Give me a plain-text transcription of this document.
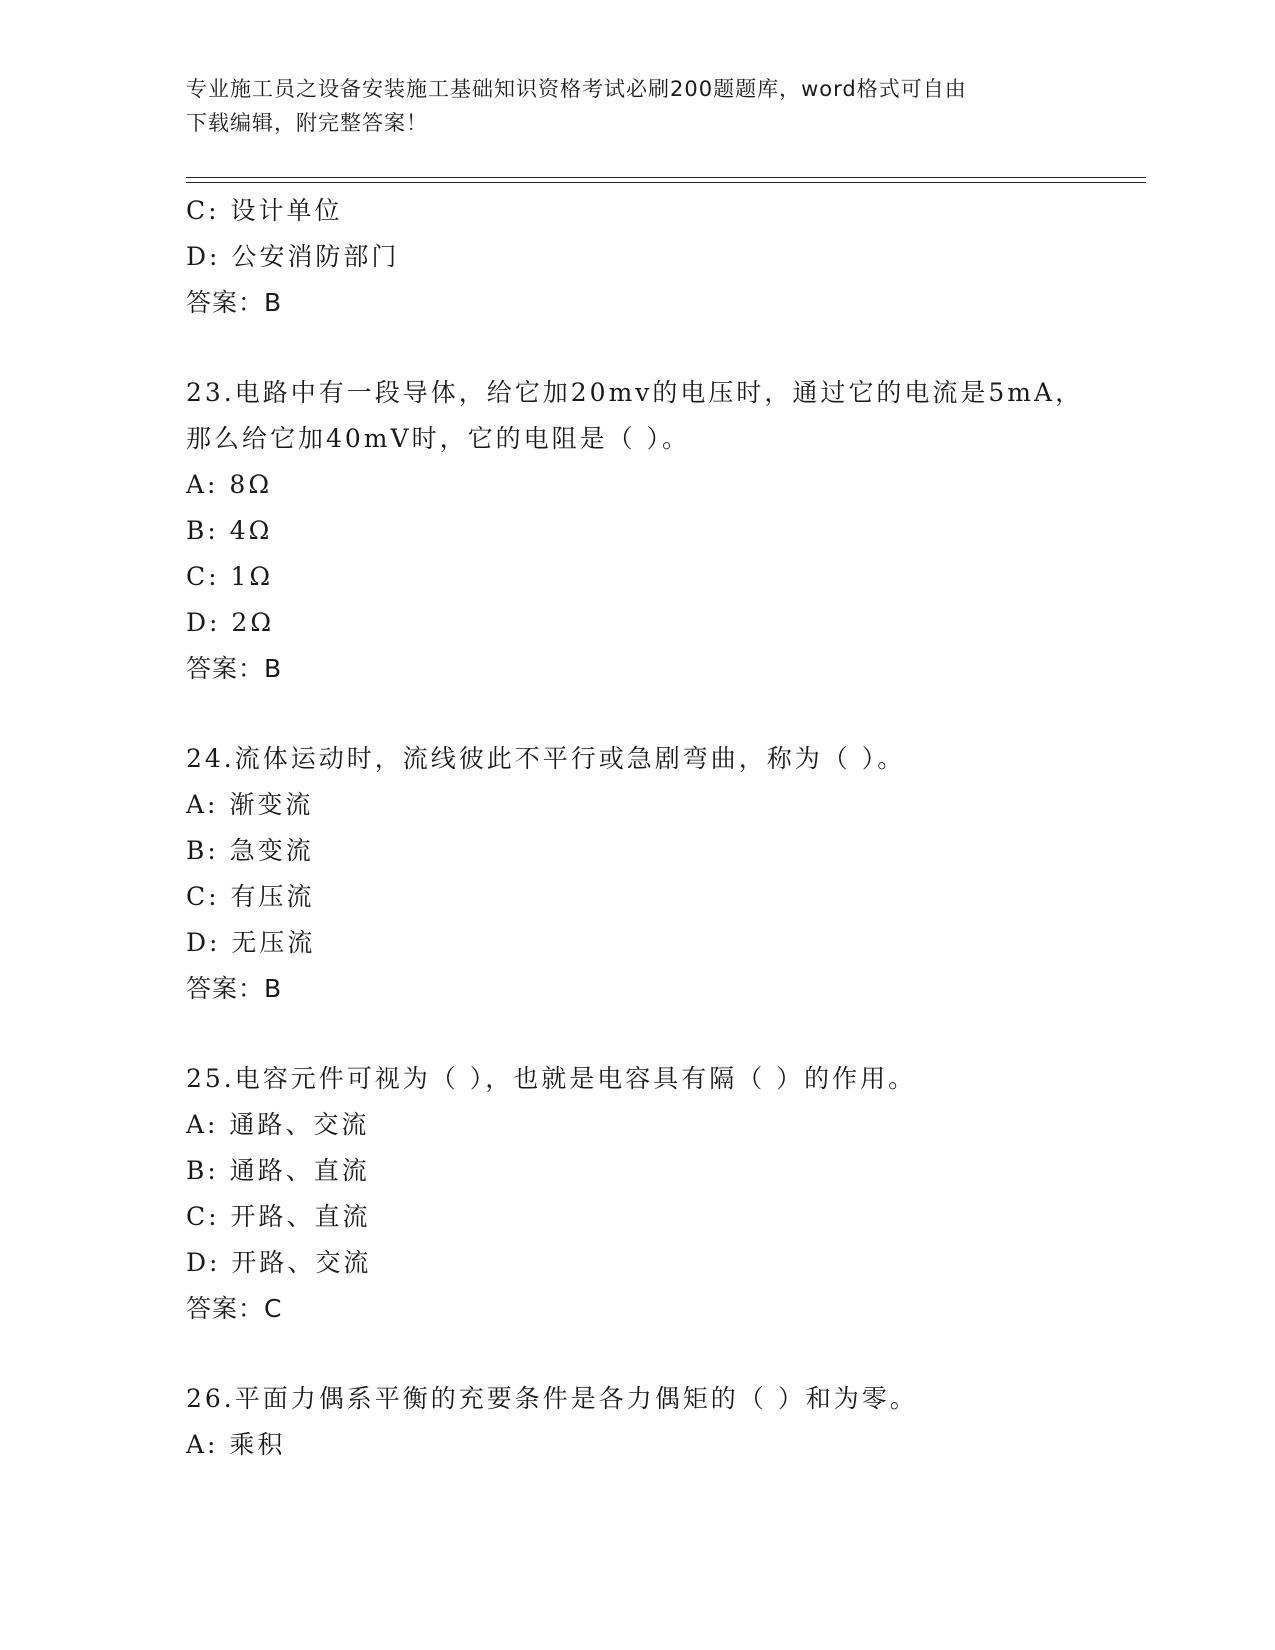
专业施工员之设备安装施工基础知识资格考试必刷200题题库，word格式可自由
下载编辑，附完整答案！
C: 设计单位
D: 公安消防部门
答案：B
23.电路中有一段导体，给它加20mv的电压时，通过它的电流是5mA，
那么给它加40mV时，它的电阻是（ ）。
A: 8Ω
B: 4Ω
C: 1Ω
D: 2Ω
答案：B
24.流体运动时，流线彼此不平行或急剧弯曲，称为（ ）。
A: 渐变流
B: 急变流
C: 有压流
D: 无压流
答案：B
25.电容元件可视为（ ），也就是电容具有隔（ ）的作用。
A: 通路、交流
B: 通路、直流
C: 开路、直流
D: 开路、交流
答案：C
26.平面力偶系平衡的充要条件是各力偶矩的（ ）和为零。
A: 乘积
